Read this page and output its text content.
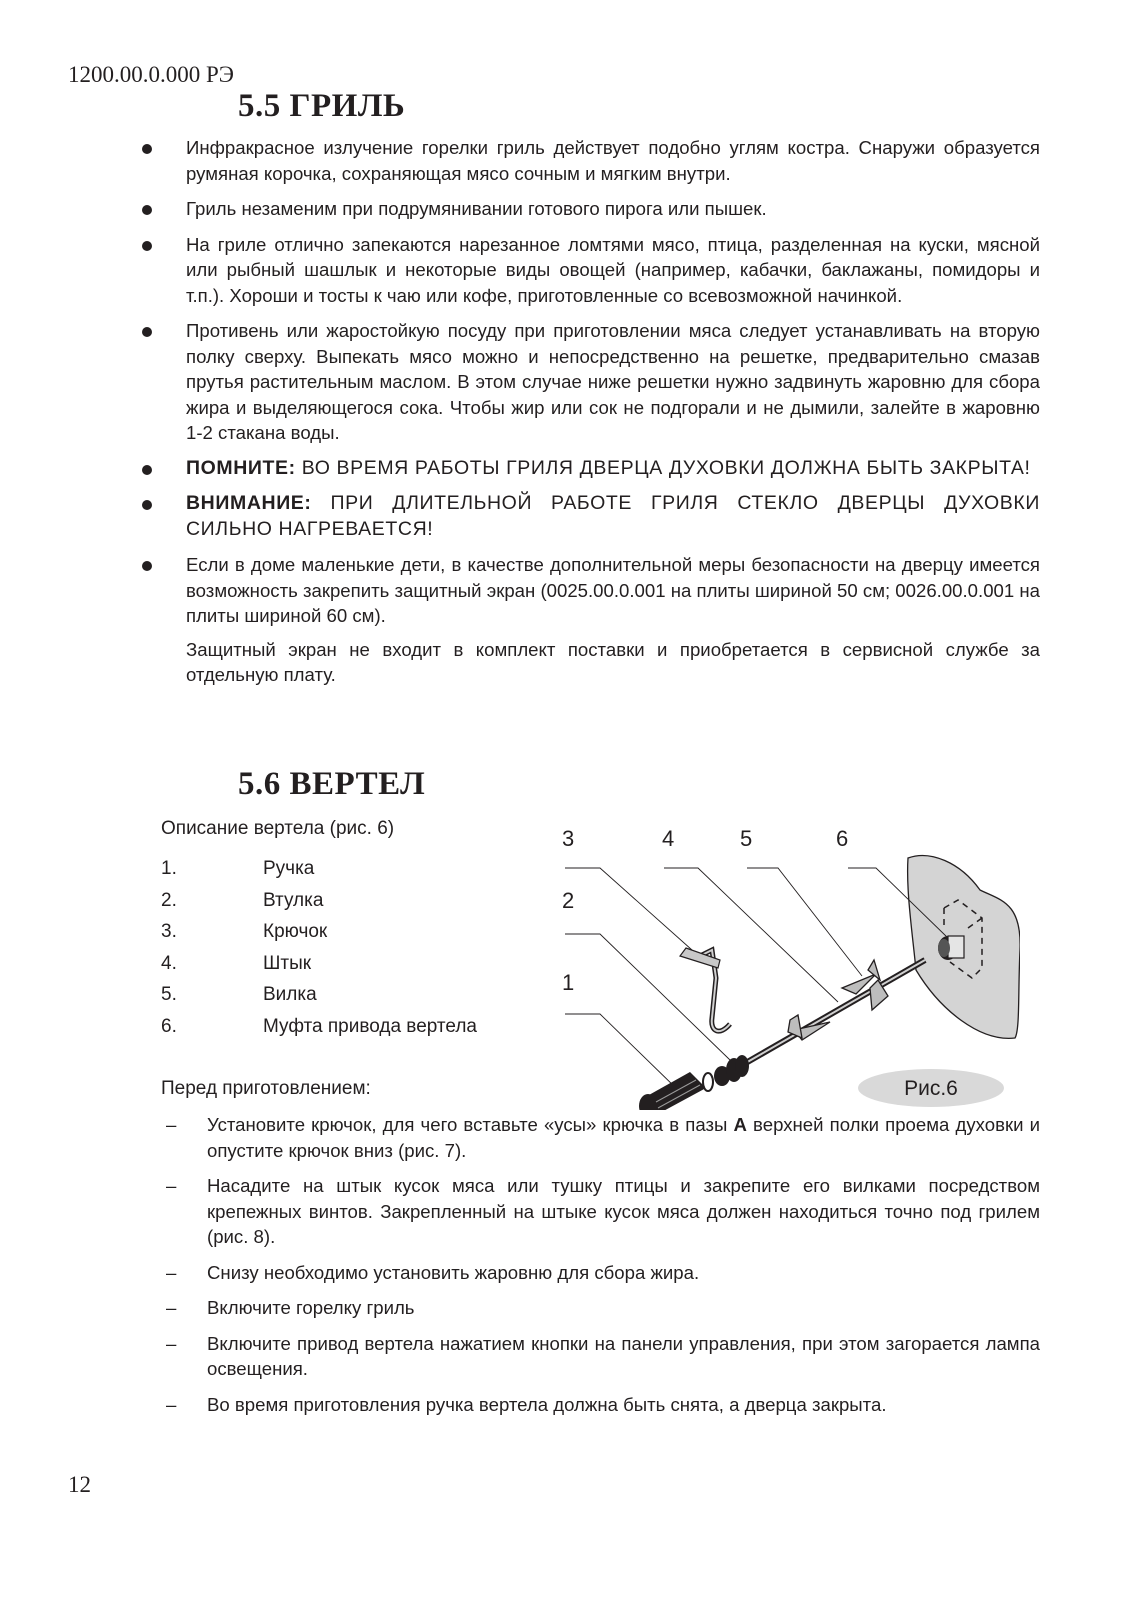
1200.00.0.000 РЭ
5.5 ГРИЛЬ
Инфракрасное излучение горелки гриль действует подобно углям костра. Снаружи образуется румяная корочка, сохраняющая мясо сочным и мягким внутри.
Гриль незаменим при подрумянивании готового пирога или пышек.
На гриле отлично запекаются нарезанное ломтями мясо, птица, разделенная на куски, мясной или рыбный шашлык и некоторые виды овощей (например, кабачки, баклажаны, помидоры и т.п.). Хороши и тосты к чаю или кофе, приготовленные со всевозможной начинкой.
Противень или жаростойкую посуду при приготовлении мяса следует устанавливать на вторую полку сверху. Выпекать мясо можно и непосредственно на решетке, предварительно смазав прутья растительным маслом. В этом случае ниже решетки нужно задвинуть жаровню для сбора жира и выделяющегося сока. Чтобы жир или сок не подгорали и не дымили, залейте в жаровню 1-2 стакана воды.
ПОМНИТЕ: ВО ВРЕМЯ РАБОТЫ ГРИЛЯ ДВЕРЦА ДУХОВКИ ДОЛЖНА БЫТЬ ЗАКРЫТА!
ВНИМАНИЕ: ПРИ ДЛИТЕЛЬНОЙ РАБОТЕ ГРИЛЯ СТЕКЛО ДВЕРЦЫ ДУХОВКИ СИЛЬНО НАГРЕВАЕТСЯ!
Если в доме маленькие дети, в качестве дополнительной меры безопасности на дверцу имеется возможность закрепить защитный экран (0025.00.0.001 на плиты шириной 50 см; 0026.00.0.001 на плиты шириной 60 см).
Защитный экран не входит в комплект поставки и приобретается в сервисной службе за отдельную плату.
5.6 ВЕРТЕЛ
Описание вертела (рис. 6)
1.	Ручка
2.	Втулка
3.	Крючок
4.	Штык
5.	Вилка
6.	Муфта привода вертела
3	4	5	6
2
1
Рис.6
Перед приготовлением:
– Установите крючок, для чего вставьте «усы» крючка в пазы А верхней полки проема духовки и опустите крючок вниз (рис. 7).
– Насадите на штык кусок мяса или тушку птицы и закрепите его вилками посредством крепежных винтов. Закрепленный на штыке кусок мяса должен находиться точно под грилем (рис. 8).
– Снизу необходимо установить жаровню для сбора жира.
– Включите горелку гриль
– Включите привод вертела нажатием кнопки на панели управления, при этом загорается лампа освещения.
– Во время приготовления ручка вертела должна быть снята, а дверца закрыта.
12
